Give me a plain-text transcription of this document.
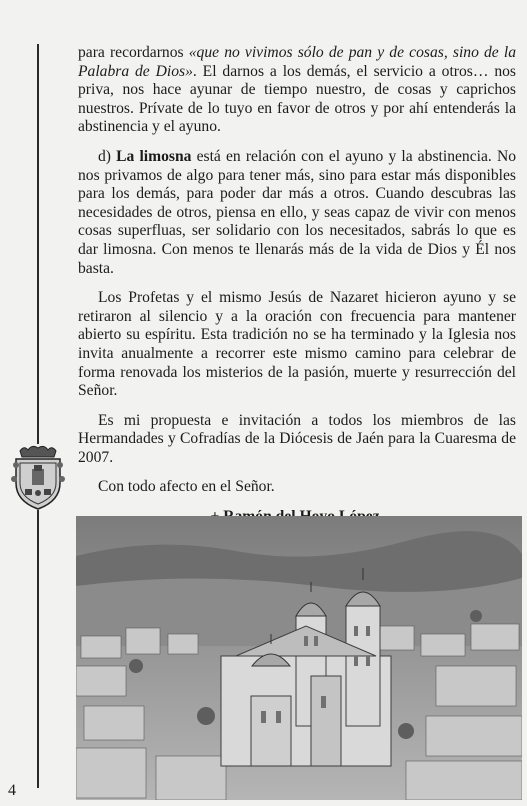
para recordarnos «que no vivimos sólo de pan y de cosas, sino de la Palabra de Dios». El darnos a los demás, el servicio a otros… nos priva, nos hace ayunar de tiempo nuestro, de cosas y caprichos nuestros. Prívate de lo tuyo en favor de otros y por ahí entenderás la abstinencia y el ayuno.

d) La limosna está en relación con el ayuno y la abstinencia. No nos privamos de algo para tener más, sino para estar más disponibles para los demás, para poder dar más a otros. Cuando descubras las necesidades de otros, piensa en ello, y seas capaz de vivir con menos cosas superfluas, ser solidario con los necesitados, sabrás lo que es dar limosna. Con menos te llenarás más de la vida de Dios y Él nos basta.

Los Profetas y el mismo Jesús de Nazaret hicieron ayuno y se retiraron al silencio y a la oración con frecuencia para mantener abierto su espíritu. Esta tradición no se ha terminado y la Iglesia nos invita anualmente a recorrer este mismo camino para celebrar de forma renovada los misterios de la pasión, muerte y resurrección del Señor.

Es mi propuesta e invitación a todos los miembros de las Hermandades y Cofradías de la Diócesis de Jaén para la Cuaresma de 2007.

Con todo afecto en el Señor.

4
